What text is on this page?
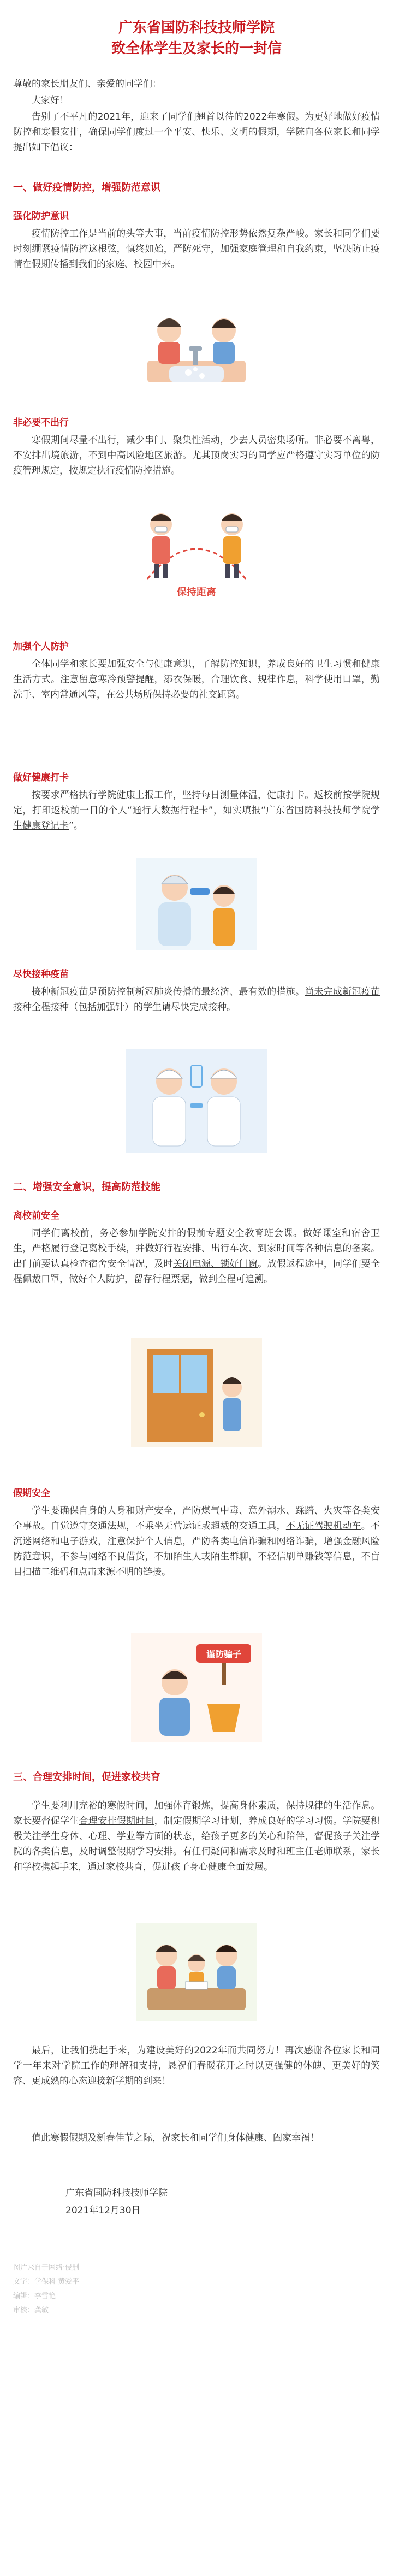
广东省国防科技技师学院
致全体学生及家长的一封信
尊敬的家长朋友们、亲爱的同学们：
大家好！
告别了不平凡的2021年，迎来了同学们翘首以待的2022年寒假。为更好地做好疫情防控和寒假安排，确保同学们度过一个平安、快乐、文明的假期，学院向各位家长和同学提出如下倡议：
一、做好疫情防控，增强防范意识
强化防护意识
疫情防控工作是当前的头等大事，当前疫情防控形势依然复杂严峻。家长和同学们要时刻绷紧疫情防控这根弦，慎终如始，严防死守，加强家庭管理和自我约束，坚决防止疫情在假期传播到我们的家庭、校园中来。
非必要不出行

寒假期间尽量不出行，减少串门、聚集性活动，少去人员密集场所。非必要不离粤，不安排出境旅游，不到中高风险地区旅游。尤其顶岗实习的同学应严格遵守实习单位的防疫管理规定，按规定执行疫情防控措施。

保持距离
加强个人防护
全体同学和家长要加强安全与健康意识，了解防控知识，养成良好的卫生习惯和健康生活方式。注意留意寒冷预警提醒，添衣保暖，合理饮食、规律作息，科学使用口罩，勤洗手、室内常通风等，在公共场所保持必要的社交距离。
做好健康打卡

按要求严格执行学院健康上报工作，坚持每日测量体温，健康打卡。返校前按学院规定，打印返校前一日的个人“通行大数据行程卡”，如实填报“广东省国防科技技师学院学生健康登记卡”。

尽快接种疫苗

接种新冠疫苗是预防控制新冠肺炎传播的最经济、最有效的措施。尚未完成新冠疫苗接种全程接种（包括加强针）的学生请尽快完成接种。

二、增强安全意识，提高防范技能
离校前安全

同学们离校前，务必参加学院安排的假前专题安全教育班会课。做好课室和宿舍卫生，严格履行登记离校手续，并做好行程安排、出行车次、到家时间等各种信息的备案。出门前要认真检查宿舍安全情况，及时关闭电源、锁好门窗。放假返程途中，同学们要全程佩戴口罩，做好个人防护，留存行程票据，做到全程可追溯。

假期安全

学生要确保自身的人身和财产安全，严防煤气中毒、意外溺水、踩踏、火灾等各类安全事故。自觉遵守交通法规，不乘坐无营运证或超载的交通工具，不无证驾驶机动车。不沉迷网络和电子游戏，注意保护个人信息，严防各类电信诈骗和网络诈骗，增强金融风险防范意识，不参与网络不良借贷，不加陌生人或陌生群聊，不轻信刷单赚钱等信息，不盲目扫描二维码和点击来源不明的链接。

谨防骗子
三、合理安排时间，促进家校共育

学生要利用充裕的寒假时间，加强体育锻炼，提高身体素质，保持规律的生活作息。家长要督促学生合理安排假期时间，制定假期学习计划，养成良好的学习习惯。学院要积极关注学生身体、心理、学业等方面的状态，给孩子更多的关心和陪伴，督促孩子关注学院的各类信息，及时调整假期学习安排。有任何疑问和需求及时和班主任老师联系，家长和学校携起手来，通过家校共育，促进孩子身心健康全面发展。

最后，让我们携起手来，为建设美好的2022年而共同努力！再次感谢各位家长和同学一年来对学院工作的理解和支持，恳祝们春暖花开之时以更强健的体魄、更美好的笑容、更成熟的心态迎接新学期的到来！
值此寒假假期及新春佳节之际，祝家长和同学们身体健康、阖家幸福！
广东省国防科技技师学院
2021年12月30日
图片来自于网络·侵删
文字：学保科 黄爱平
编辑：李雪艳
审核：龚敏
